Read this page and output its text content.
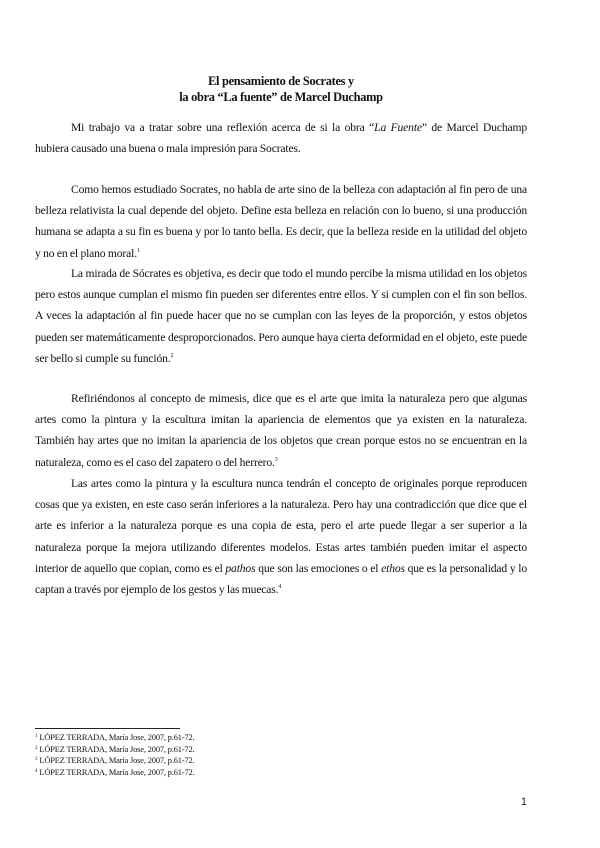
El pensamiento de Socrates y
la obra “La fuente” de Marcel Duchamp

Mi trabajo va a tratar sobre una reflexión acerca de si la obra “La Fuente” de Marcel Duchamp hubiera causado una buena o mala impresión para Socrates.

Como hemos estudiado Socrates, no habla de arte sino de la belleza con adaptación al fin pero de una belleza relativista la cual depende del objeto. Define esta belleza en relación con lo bueno, si una producción humana se adapta a su fin es buena y por lo tanto bella. Es decir, que la belleza reside en la utilidad del objeto y no en el plano moral.$^1$

La mirada de Sócrates es objetiva, es decir que todo el mundo percibe la misma utilidad en los objetos pero estos aunque cumplan el mismo fin pueden ser diferentes entre ellos. Y si cumplen con el fin son bellos. A veces la adaptación al fin puede hacer que no se cumplan con las leyes de la proporción, y estos objetos pueden ser matemáticamente desproporcionados. Pero aunque haya cierta deformidad en el objeto, este puede ser bello si cumple su función.$^2$

Refiriéndonos al concepto de mimesis, dice que es el arte que imita la naturaleza pero que algunas artes como la pintura y la escultura imitan la apariencia de elementos que ya existen en la naturaleza.       También hay artes que no imitan la apariencia de los objetos que crean porque estos no se encuentran en la naturaleza, como es el caso del zapatero o del herrero.$^3$

Las artes como la pintura y la escultura nunca tendrán el concepto de originales porque reproducen cosas que ya existen, en este caso serán inferiores a la naturaleza. Pero hay una contradicción que dice que el arte es inferior a la naturaleza porque es una copia de esta, pero el arte puede llegar a ser superior a la naturaleza porque la mejora utilizando diferentes modelos. Estas artes también pueden imitar el aspecto interior de aquello que copian, como es el pathos que son las emociones o el ethos que es la personalidad y lo captan a través por ejemplo de los gestos y las muecas.$^4$

$^1$ LÓPEZ TERRADA, María Jose, 2007, p.61-72.
$^2$ LÓPEZ TERRADA, María Jose, 2007, p.61-72.
$^3$ LÓPEZ TERRADA, María Jose, 2007, p.61-72.
$^4$ LÓPEZ TERRADA, María Jose, 2007, p.61-72.
1
